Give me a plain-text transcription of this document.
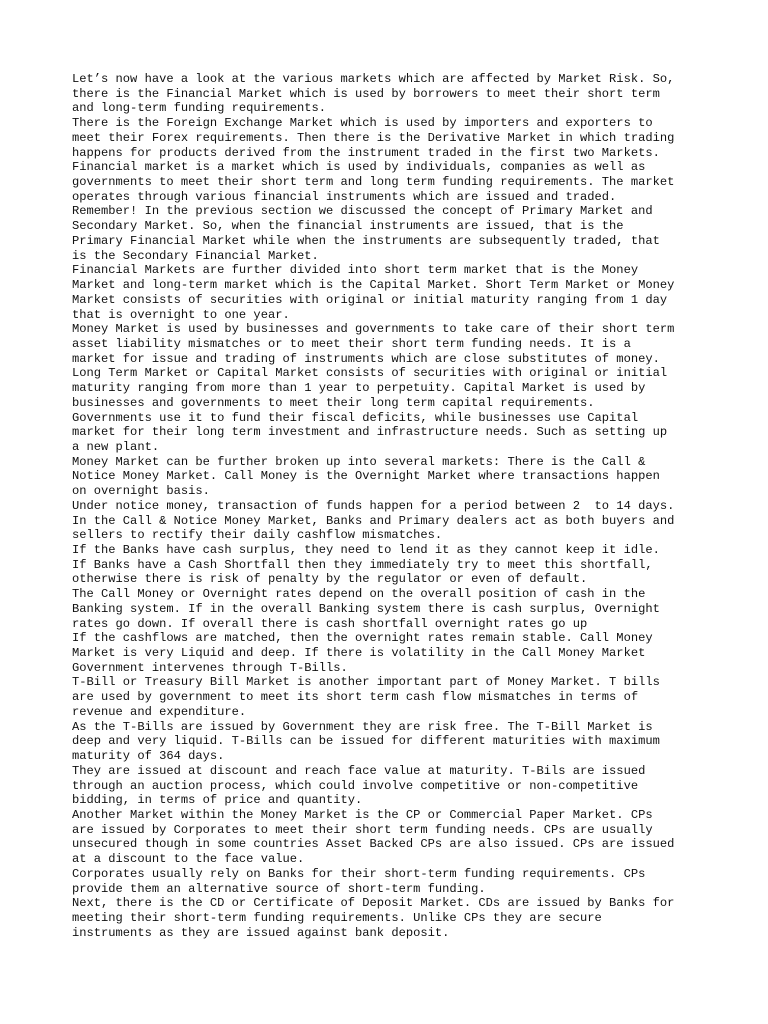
Let’s now have a look at the various markets which are affected by Market Risk. So,
there is the Financial Market which is used by borrowers to meet their short term
and long-term funding requirements.
There is the Foreign Exchange Market which is used by importers and exporters to
meet their Forex requirements. Then there is the Derivative Market in which trading
happens for products derived from the instrument traded in the first two Markets.
Financial market is a market which is used by individuals, companies as well as
governments to meet their short term and long term funding requirements. The market
operates through various financial instruments which are issued and traded.
Remember! In the previous section we discussed the concept of Primary Market and
Secondary Market. So, when the financial instruments are issued, that is the
Primary Financial Market while when the instruments are subsequently traded, that
is the Secondary Financial Market.
Financial Markets are further divided into short term market that is the Money
Market and long-term market which is the Capital Market. Short Term Market or Money
Market consists of securities with original or initial maturity ranging from 1 day
that is overnight to one year.
Money Market is used by businesses and governments to take care of their short term
asset liability mismatches or to meet their short term funding needs. It is a
market for issue and trading of instruments which are close substitutes of money.
Long Term Market or Capital Market consists of securities with original or initial
maturity ranging from more than 1 year to perpetuity. Capital Market is used by
businesses and governments to meet their long term capital requirements.
Governments use it to fund their fiscal deficits, while businesses use Capital
market for their long term investment and infrastructure needs. Such as setting up
a new plant.
Money Market can be further broken up into several markets: There is the Call &
Notice Money Market. Call Money is the Overnight Market where transactions happen
on overnight basis.
Under notice money, transaction of funds happen for a period between 2  to 14 days.
In the Call & Notice Money Market, Banks and Primary dealers act as both buyers and
sellers to rectify their daily cashflow mismatches.
If the Banks have cash surplus, they need to lend it as they cannot keep it idle.
If Banks have a Cash Shortfall then they immediately try to meet this shortfall,
otherwise there is risk of penalty by the regulator or even of default.
The Call Money or Overnight rates depend on the overall position of cash in the
Banking system. If in the overall Banking system there is cash surplus, Overnight
rates go down. If overall there is cash shortfall overnight rates go up
If the cashflows are matched, then the overnight rates remain stable. Call Money
Market is very Liquid and deep. If there is volatility in the Call Money Market
Government intervenes through T-Bills.
T-Bill or Treasury Bill Market is another important part of Money Market. T bills
are used by government to meet its short term cash flow mismatches in terms of
revenue and expenditure.
As the T-Bills are issued by Government they are risk free. The T-Bill Market is
deep and very liquid. T-Bills can be issued for different maturities with maximum
maturity of 364 days.
They are issued at discount and reach face value at maturity. T-Bils are issued
through an auction process, which could involve competitive or non-competitive
bidding, in terms of price and quantity.
Another Market within the Money Market is the CP or Commercial Paper Market. CPs
are issued by Corporates to meet their short term funding needs. CPs are usually
unsecured though in some countries Asset Backed CPs are also issued. CPs are issued
at a discount to the face value.
Corporates usually rely on Banks for their short-term funding requirements. CPs
provide them an alternative source of short-term funding.
Next, there is the CD or Certificate of Deposit Market. CDs are issued by Banks for
meeting their short-term funding requirements. Unlike CPs they are secure
instruments as they are issued against bank deposit.
